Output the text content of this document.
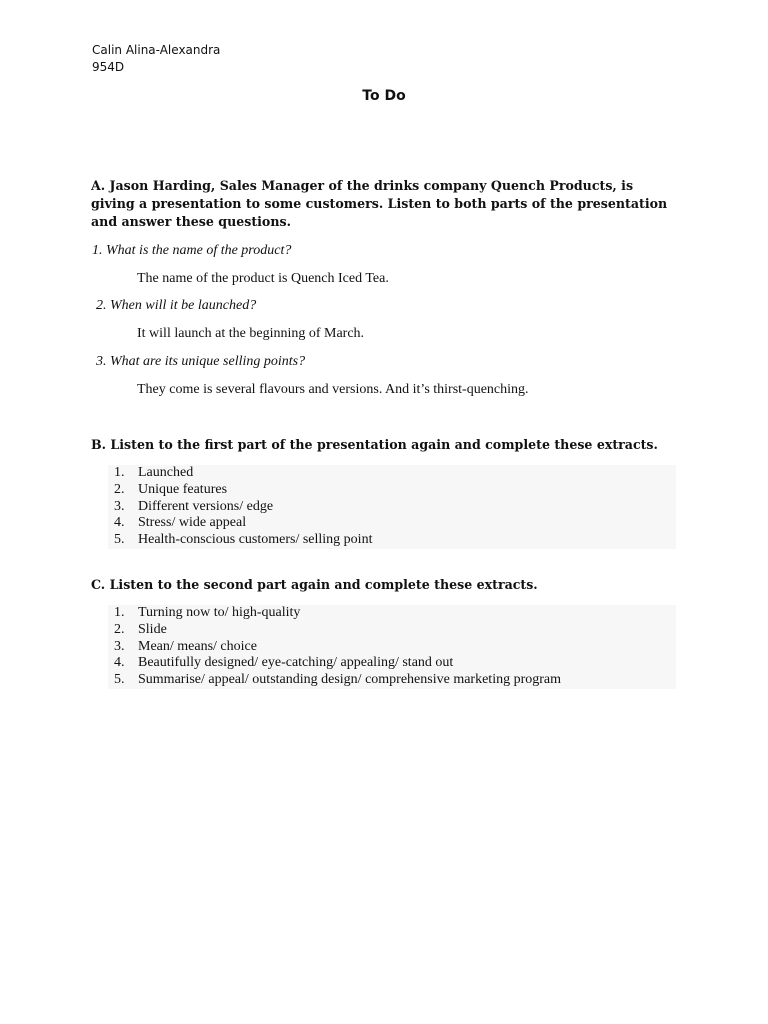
Calin Alina-Alexandra
954D
To Do
A. Jason Harding, Sales Manager of the drinks company Quench Products, is giving a presentation to some customers. Listen to both parts of the presentation and answer these questions.
1. What is the name of the product?
The name of the product is Quench Iced Tea.
2. When will it be launched?
It will launch at the beginning of March.
3. What are its unique selling points?
They come is several flavours and versions. And it’s thirst-quenching.
B. Listen to the first part of the presentation again and complete these extracts.
1. Launched
2. Unique features
3. Different versions/ edge
4. Stress/ wide appeal
5. Health-conscious customers/ selling point
C. Listen to the second part again and complete these extracts.
1. Turning now to/ high-quality
2. Slide
3. Mean/ means/ choice
4. Beautifully designed/ eye-catching/ appealing/ stand out
5. Summarise/ appeal/ outstanding design/ comprehensive marketing program
